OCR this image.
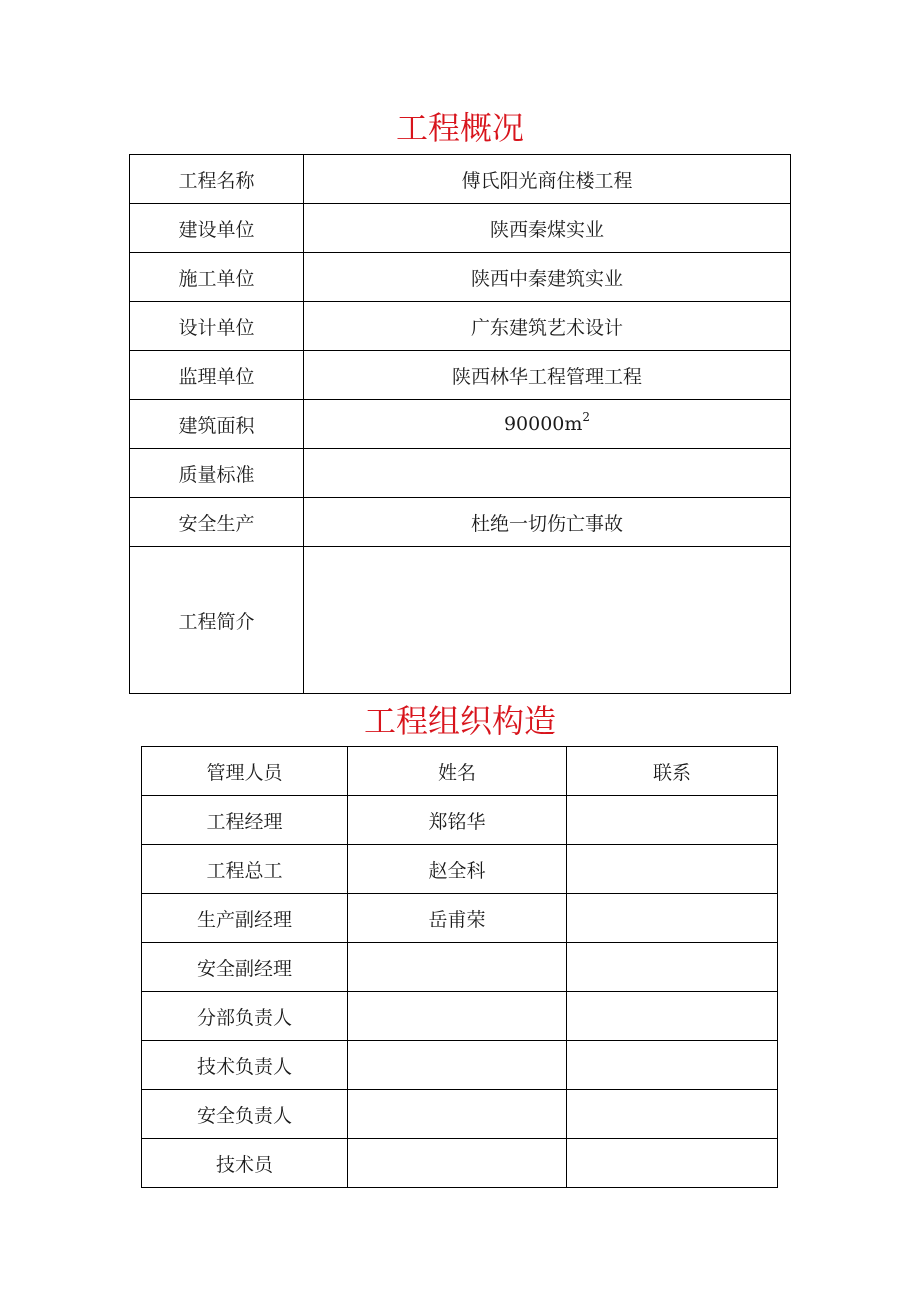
工程概况
工程名称	傅氏阳光商住楼工程
建设单位	陕西秦煤实业
施工单位	陕西中秦建筑实业
设计单位	广东建筑艺术设计
监理单位	陕西林华工程管理工程
建筑面积	$90000m^2$
质量标准	
安全生产	杜绝一切伤亡事故
工程简介	
工程组织构造
管理人员	姓名	联系
工程经理	郑铭华	
工程总工	赵全科	
生产副经理	岳甫荣	
安全副经理		
分部负责人		
技术负责人		
安全负责人		
技术员		
